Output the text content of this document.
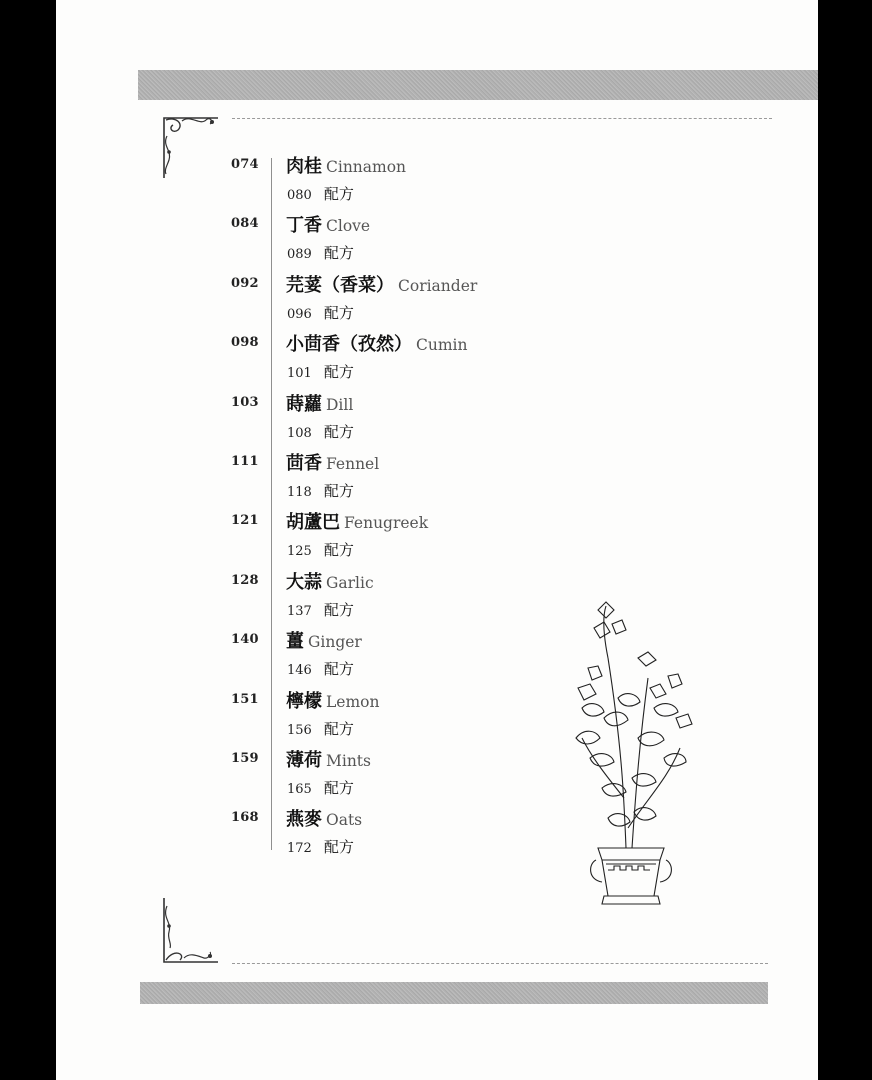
074 肉桂 Cinnamon
080 配方
084 丁香 Clove
089 配方
092 芫荽（香菜） Coriander
096 配方
098 小茴香（孜然） Cumin
101 配方
103 蒔蘿 Dill
108 配方
111 茴香 Fennel
118 配方
121 胡蘆巴 Fenugreek
125 配方
128 大蒜 Garlic
137 配方
140 薑 Ginger
146 配方
151 檸檬 Lemon
156 配方
159 薄荷 Mints
165 配方
168 燕麥 Oats
172 配方
